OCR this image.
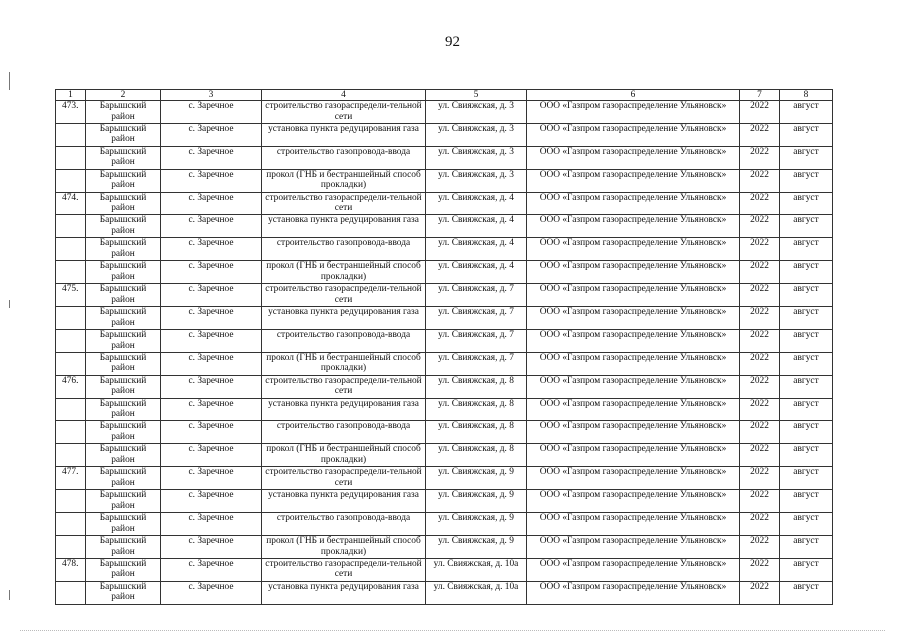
92
1	2	3	4	5	6	7	8
473.	Барышский район	с. Заречное	строительство газораспредели-тельной сети	ул. Свияжская, д. 3	ООО «Газпром газораспределение Ульяновск»	2022	август
	Барышский район	с. Заречное	установка пункта редуцирования газа	ул. Свияжская, д. 3	ООО «Газпром газораспределение Ульяновск»	2022	август
	Барышский район	с. Заречное	строительство газопровода-ввода	ул. Свияжская, д. 3	ООО «Газпром газораспределение Ульяновск»	2022	август
	Барышский район	с. Заречное	прокол (ГНБ и бестраншейный способ прокладки)	ул. Свияжская, д. 3	ООО «Газпром газораспределение Ульяновск»	2022	август
474.	Барышский район	с. Заречное	строительство газораспредели-тельной сети	ул. Свияжская, д. 4	ООО «Газпром газораспределение Ульяновск»	2022	август
	Барышский район	с. Заречное	установка пункта редуцирования газа	ул. Свияжская, д. 4	ООО «Газпром газораспределение Ульяновск»	2022	август
	Барышский район	с. Заречное	строительство газопровода-ввода	ул. Свияжская, д. 4	ООО «Газпром газораспределение Ульяновск»	2022	август
	Барышский район	с. Заречное	прокол (ГНБ и бестраншейный способ прокладки)	ул. Свияжская, д. 4	ООО «Газпром газораспределение Ульяновск»	2022	август
475.	Барышский район	с. Заречное	строительство газораспредели-тельной сети	ул. Свияжская, д. 7	ООО «Газпром газораспределение Ульяновск»	2022	август
	Барышский район	с. Заречное	установка пункта редуцирования газа	ул. Свияжская, д. 7	ООО «Газпром газораспределение Ульяновск»	2022	август
	Барышский район	с. Заречное	строительство газопровода-ввода	ул. Свияжская, д. 7	ООО «Газпром газораспределение Ульяновск»	2022	август
	Барышский район	с. Заречное	прокол (ГНБ и бестраншейный способ прокладки)	ул. Свияжская, д. 7	ООО «Газпром газораспределение Ульяновск»	2022	август
476.	Барышский район	с. Заречное	строительство газораспредели-тельной сети	ул. Свияжская, д. 8	ООО «Газпром газораспределение Ульяновск»	2022	август
	Барышский район	с. Заречное	установка пункта редуцирования газа	ул. Свияжская, д. 8	ООО «Газпром газораспределение Ульяновск»	2022	август
	Барышский район	с. Заречное	строительство газопровода-ввода	ул. Свияжская, д. 8	ООО «Газпром газораспределение Ульяновск»	2022	август
	Барышский район	с. Заречное	прокол (ГНБ и бестраншейный способ прокладки)	ул. Свияжская, д. 8	ООО «Газпром газораспределение Ульяновск»	2022	август
477.	Барышский район	с. Заречное	строительство газораспредели-тельной сети	ул. Свияжская, д. 9	ООО «Газпром газораспределение Ульяновск»	2022	август
	Барышский район	с. Заречное	установка пункта редуцирования газа	ул. Свияжская, д. 9	ООО «Газпром газораспределение Ульяновск»	2022	август
	Барышский район	с. Заречное	строительство газопровода-ввода	ул. Свияжская, д. 9	ООО «Газпром газораспределение Ульяновск»	2022	август
	Барышский район	с. Заречное	прокол (ГНБ и бестраншейный способ прокладки)	ул. Свияжская, д. 9	ООО «Газпром газораспределение Ульяновск»	2022	август
478.	Барышский район	с. Заречное	строительство газораспредели-тельной сети	ул. Свияжская, д. 10а	ООО «Газпром газораспределение Ульяновск»	2022	август
	Барышский район	с. Заречное	установка пункта редуцирования газа	ул. Свияжская, д. 10а	ООО «Газпром газораспределение Ульяновск»	2022	август
